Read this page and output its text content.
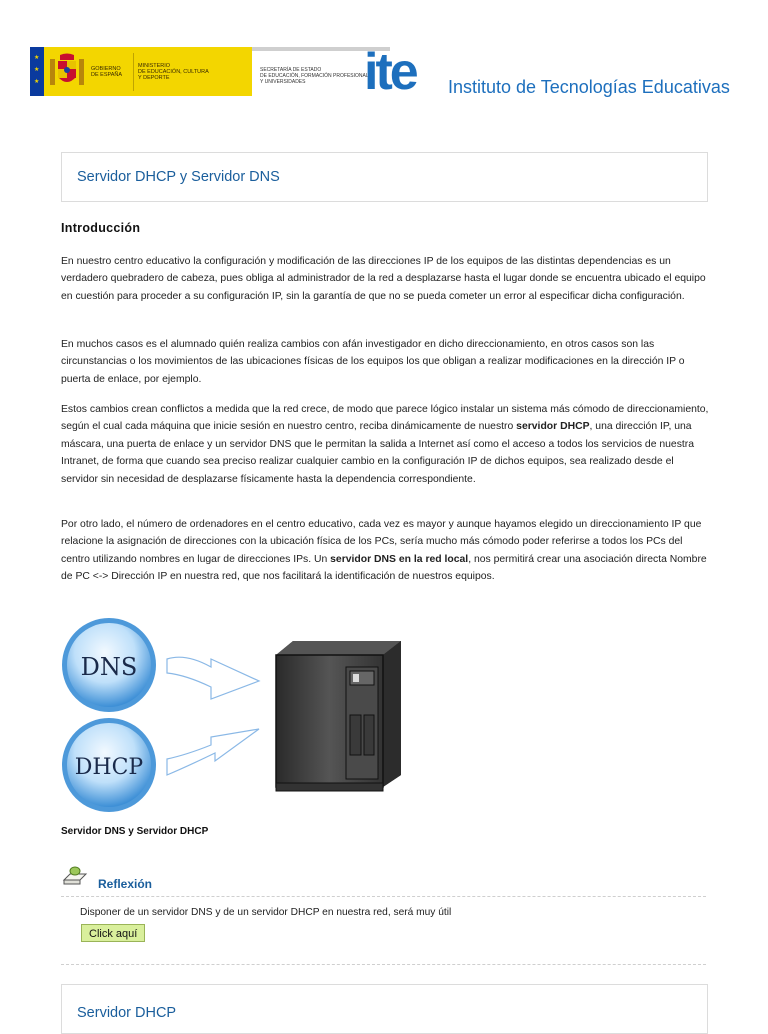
★
★
★
GOBIERNO
DE ESPAÑA
MINISTERIO
DE EDUCACIÓN, CULTURA
Y DEPORTE
SECRETARÍA DE ESTADO
DE EDUCACIÓN, FORMACIÓN PROFESIONAL
Y UNIVERSIDADES	ite Instituto de Tecnologías Educativas
Servidor DHCP y Servidor DNS
Introducción

En nuestro centro educativo la configuración y modificación de las direcciones IP de los equipos de las distintas dependencias es un verdadero quebradero de cabeza, pues obliga al administrador de la red a desplazarse hasta el lugar donde se encuentra ubicado el equipo en cuestión para proceder a su configuración IP, sin la garantía de que no se pueda cometer un error al especificar dicha configuración.

En muchos casos es el alumnado quién realiza cambios con afán investigador en dicho direccionamiento, en otros casos son las circunstancias o los movimientos de las ubicaciones físicas de los equipos los que obligan a realizar modificaciones en la dirección IP o puerta de enlace, por ejemplo.

Estos cambios crean conflictos a medida que la red crece, de modo que parece lógico instalar un sistema más cómodo de direccionamiento, según el cual cada máquina que inicie sesión en nuestro centro, reciba dinámicamente de nuestro servidor DHCP, una dirección IP, una máscara, una puerta de enlace y un servidor DNS que le permitan la salida a Internet así como el acceso a todos los servicios de nuestra Intranet, de forma que cuando sea preciso realizar cualquier cambio en la configuración IP de dichos equipos, sea realizado desde el servidor sin necesidad de desplazarse físicamente hasta la dependencia correspondiente.

Por otro lado, el número de ordenadores en el centro educativo, cada vez es mayor y aunque hayamos elegido un direccionamiento IP que relacione la asignación de direcciones con la ubicación física de los PCs, sería mucho más cómodo poder referirse a todos los PCs del centro utilizando nombres en lugar de direcciones IPs. Un servidor DNS en la red local, nos permitirá crear una asociación directa Nombre de PC <-> Dirección IP en nuestra red, que nos facilitará la identificación de nuestros equipos.

DNS
DHCP
Servidor DNS y Servidor DHCP
Reflexión
Disponer de un servidor DNS y de un servidor DHCP en nuestra red, será muy útil
Click aquí
Servidor DHCP
